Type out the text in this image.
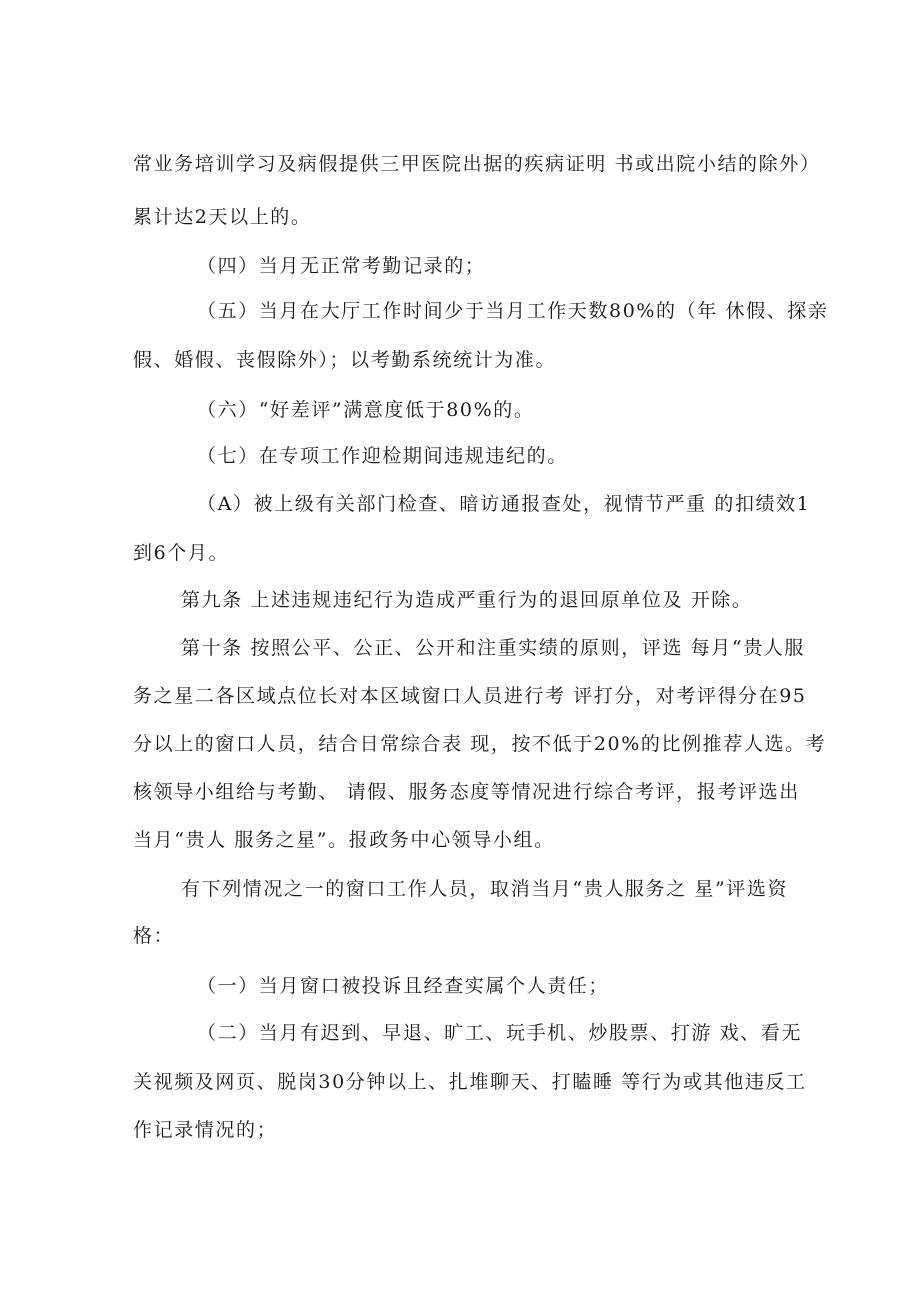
常业务培训学习及病假提供三甲医院出据的疾病证明 书或出院小结的除外）

累计达2天以上的。

（四）当月无正常考勤记录的；

（五）当月在大厅工作时间少于当月工作天数80%的（年 休假、探亲

假、婚假、丧假除外）；以考勤系统统计为准。

（六）“好差评”满意度低于80%的。

（七）在专项工作迎检期间违规违纪的。

（A）被上级有关部门检查、暗访通报查处，视情节严重 的扣绩效1

到6个月。

第九条 上述违规违纪行为造成严重行为的退回原单位及 开除。

第十条 按照公平、公正、公开和注重实绩的原则，评选 每月“贵人服

务之星二各区域点位长对本区域窗口人员进行考 评打分，对考评得分在95

分以上的窗口人员，结合日常综合表 现，按不低于20%的比例推荐人选。考

核领导小组给与考勤、 请假、服务态度等情况进行综合考评，报考评选出

当月“贵人 服务之星”。报政务中心领导小组。

有下列情况之一的窗口工作人员，取消当月“贵人服务之 星”评选资

格：

（一）当月窗口被投诉且经查实属个人责任；

（二）当月有迟到、早退、旷工、玩手机、炒股票、打游 戏、看无

关视频及网页、脱岗30分钟以上、扎堆聊天、打瞌睡 等行为或其他违反工

作记录情况的；
